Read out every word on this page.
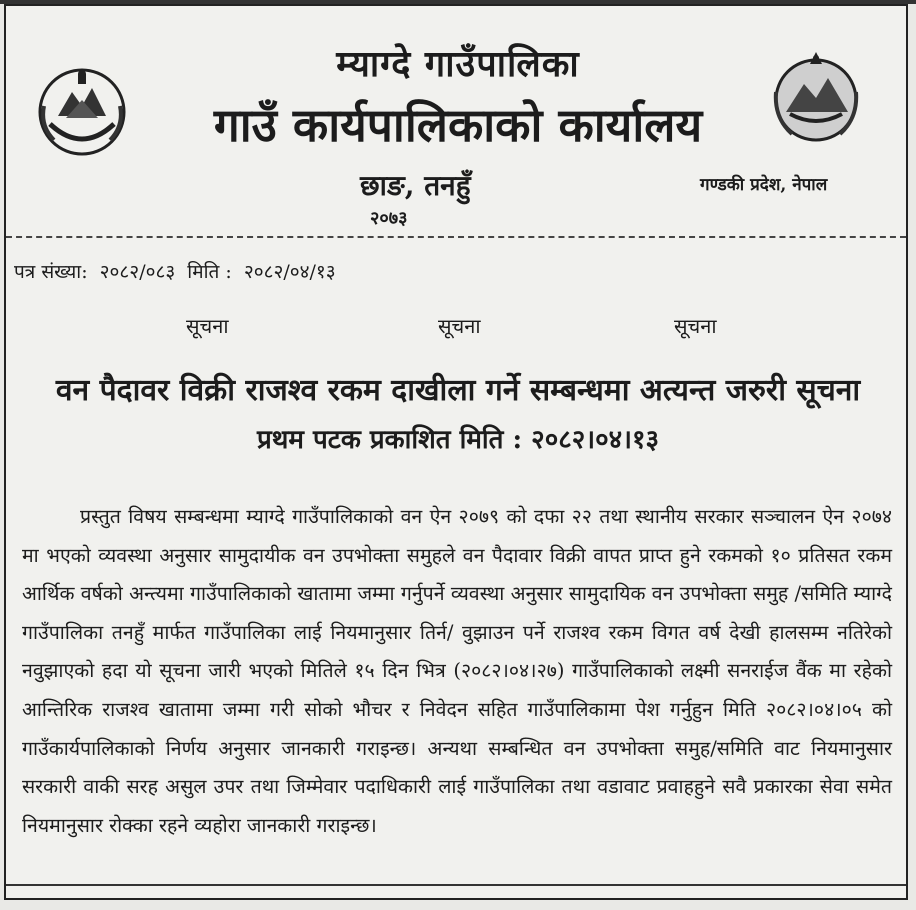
म्याग्दे गाउँपालिका
गाउँ कार्यपालिकाको कार्यालय
छाङ, तनहुँ
२०७३
गण्डकी प्रदेश, नेपाल
पत्र संख्या: २०८२/०८३ मिति : २०८२/०४/१३
सूचना	सूचना	सूचना
वन पैदावर विक्री राजश्व रकम दाखीला गर्ने सम्बन्धमा अत्यन्त जरुरी सूचना
प्रथम पटक प्रकाशित मिति : २०८२।०४।१३
प्रस्तुत विषय सम्बन्धमा म्याग्दे गाउँपालिकाको वन ऐन २०७९ को दफा २२ तथा स्थानीय सरकार सञ्चालन ऐन २०७४ मा भएको व्यवस्था अनुसार सामुदायीक वन उपभोक्ता समुहले वन पैदावार विक्री वापत प्राप्त हुने रकमको १० प्रतिसत रकम आर्थिक वर्षको अन्त्यमा गाउँपालिकाको खातामा जम्मा गर्नुपर्ने व्यवस्था अनुसार सामुदायिक वन उपभोक्ता समुह /समिति म्याग्दे गाउँपालिका तनहुँ मार्फत गाउँपालिका लाई नियमानुसार तिर्न/ वुझाउन पर्ने राजश्व रकम विगत वर्ष देखी हालसम्म नतिरेको नवुझाएको हदा यो सूचना जारी भएको मितिले १५ दिन भित्र (२०८२।०४।२७) गाउँपालिकाको लक्ष्मी सनराईज वैंक मा रहेको आन्तिरिक राजश्व खातामा जम्मा गरी सोको भौचर र निवेदन सहित गाउँपालिकामा पेश गर्नुहुन मिति २०८२।०४।०५ को गाउँकार्यपालिकाको निर्णय अनुसार जानकारी गराइन्छ। अन्यथा सम्बन्धित वन उपभोक्ता समुह/समिति वाट नियमानुसार सरकारी वाकी सरह असुल उपर तथा जिम्मेवार पदाधिकारी लाई गाउँपालिका तथा वडावाट प्रवाहहुने सवै प्रकारका सेवा समेत नियमानुसार रोक्का रहने व्यहोरा जानकारी गराइन्छ।
